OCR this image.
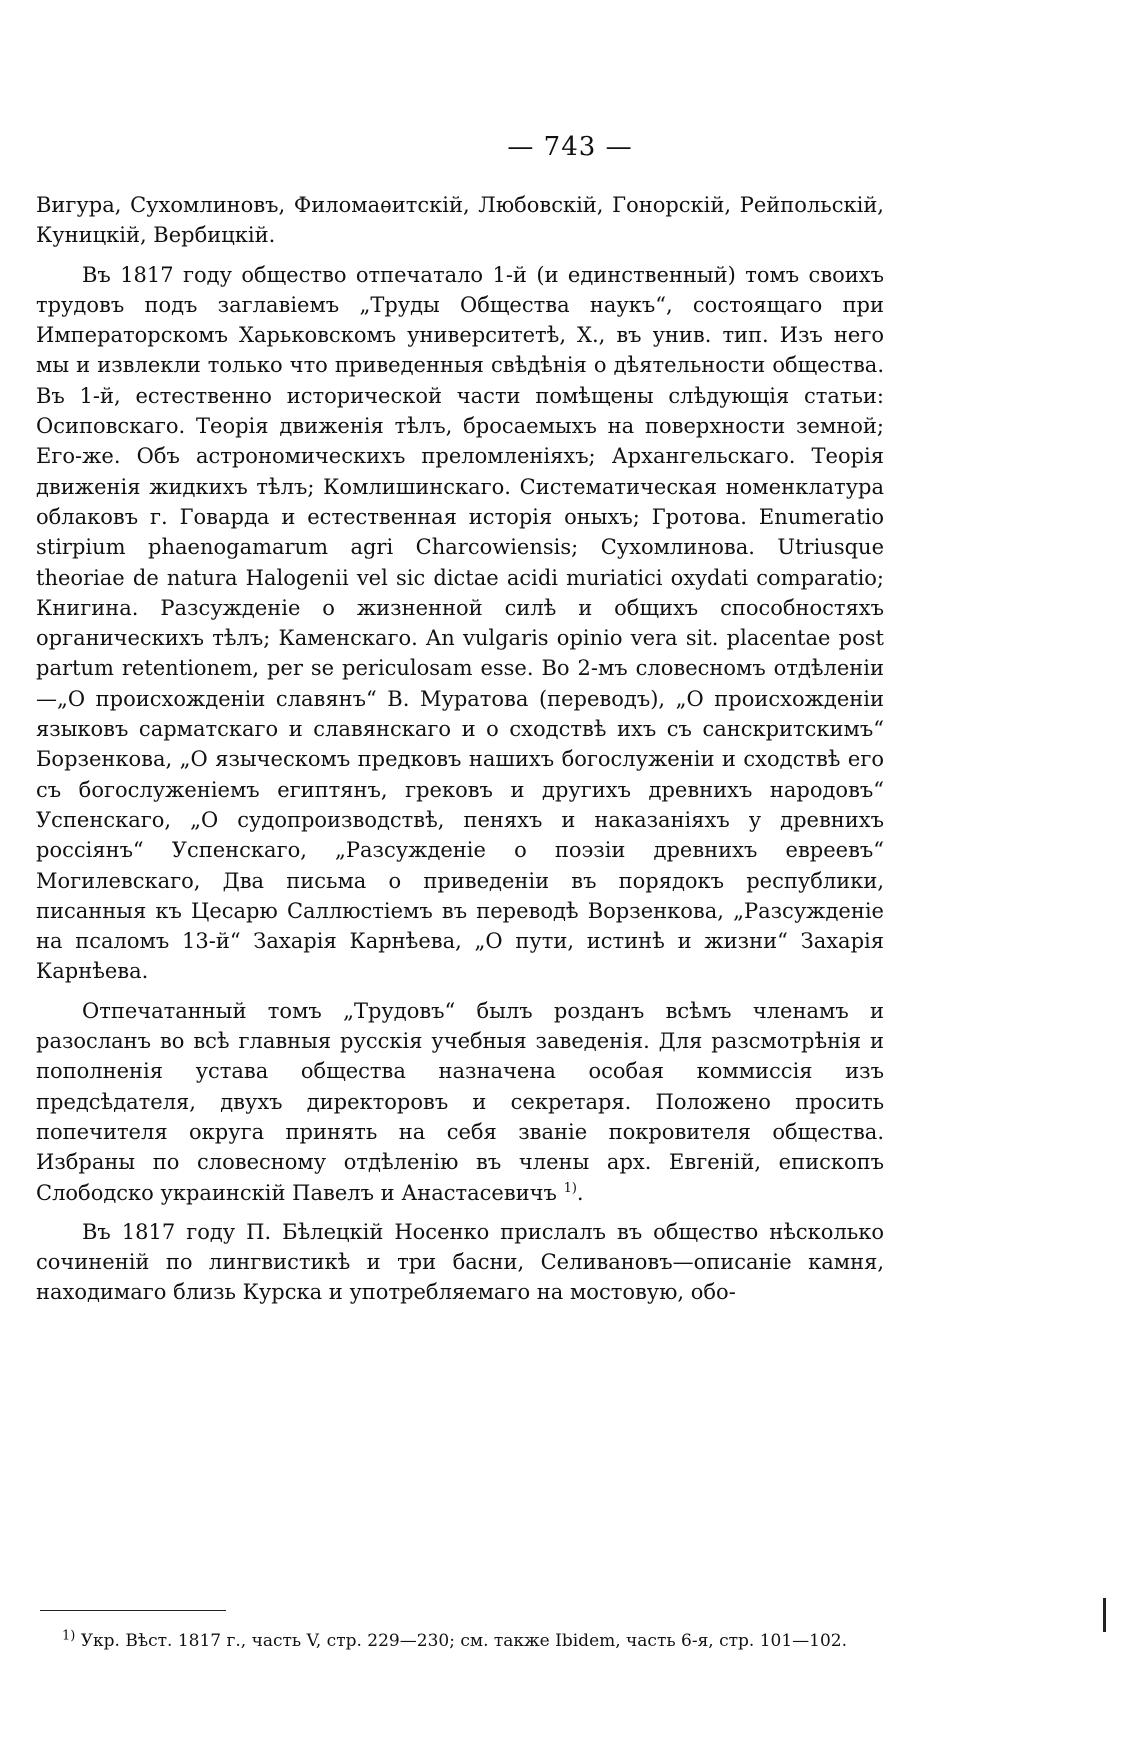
— 743 —

Вигура, Сухомлиновъ, Филомаѳитскій, Любовскій, Гонорскій, Рейпольскій, Куницкій, Вербицкій.

Въ 1817 году общество отпечатало 1-й (и единственный) томъ своихъ трудовъ подъ заглавіемъ „Труды Общества наукъ“, состоящаго при Императорскомъ Харьковскомъ университетѣ, X., въ унив. тип. Изъ него мы и извлекли только что приведенныя свѣдѣнія о дѣятельности общества. Въ 1-й, естественно исторической части помѣщены слѣдующія статьи: Осиповскаго. Теорія движенія тѣлъ, бросаемыхъ на поверхности земной; Его-же. Объ астрономическихъ преломленіяхъ; Архангельскаго. Теорія движенія жидкихъ тѣлъ; Комлишинскаго. Систематическая номенклатура облаковъ г. Говарда и естественная исторія оныхъ; Гротова. Enumeratio stirpium phaenogamarum agri Charcowiensis; Сухомлинова. Utriusque theoriae de natura Halogenii vel sic dictae acidi muriatici oxydati comparatio; Книгина. Разсужденіе о жизненной силѣ и общихъ способностяхъ органическихъ тѣлъ; Каменскаго. An vulgaris opinio vera sit. placentae post partum retentionem, per se periculosam esse. Во 2-мъ словесномъ отдѣленіи—„О происхожденіи славянъ“ В. Муратова (переводъ), „О происхожденіи языковъ сарматскаго и славянскаго и о сходствѣ ихъ съ санскритскимъ“ Борзенкова, „О языческомъ предковъ нашихъ богослуженіи и сходствѣ его съ богослуженіемъ египтянъ, грековъ и другихъ древнихъ народовъ“ Успенскаго, „О судопроизводствѣ, пеняхъ и наказаніяхъ у древнихъ россіянъ“ Успенскаго, „Разсужденіе о поэзіи древнихъ евреевъ“ Могилевскаго, Два письма о приведеніи въ порядокъ республики, писанныя къ Цесарю Саллюстіемъ въ переводѣ Ворзенкова, „Разсужденіе на псаломъ 13-й“ Захарія Карнѣева, „О пути, истинѣ и жизни“ Захарія Карнѣева.

Отпечатанный томъ „Трудовъ“ былъ розданъ всѣмъ членамъ и разосланъ во всѣ главныя русскія учебныя заведенія. Для разсмотрѣнія и пополненія устава общества назначена особая коммиссія изъ предсѣдателя, двухъ директоровъ и секретаря. Положено просить попечителя округа принять на себя званіе покровителя общества. Избраны по словесному отдѣленію въ члены арх. Евгеній, епископъ Слободско украинскій Павелъ и Анастасевичъ $^{1)}$.

Въ 1817 году П. Бѣлецкій Носенко прислалъ въ общество нѣсколько сочиненій по лингвистикѣ и три басни, Селивановъ—описаніе камня, находимаго близь Курска и употребляемаго на мостовую, обо-

$^{1)}$ Укр. Вѣст. 1817 г., часть V, стр. 229—230; см. также Ibidem, часть 6-я, стр. 101—102.
